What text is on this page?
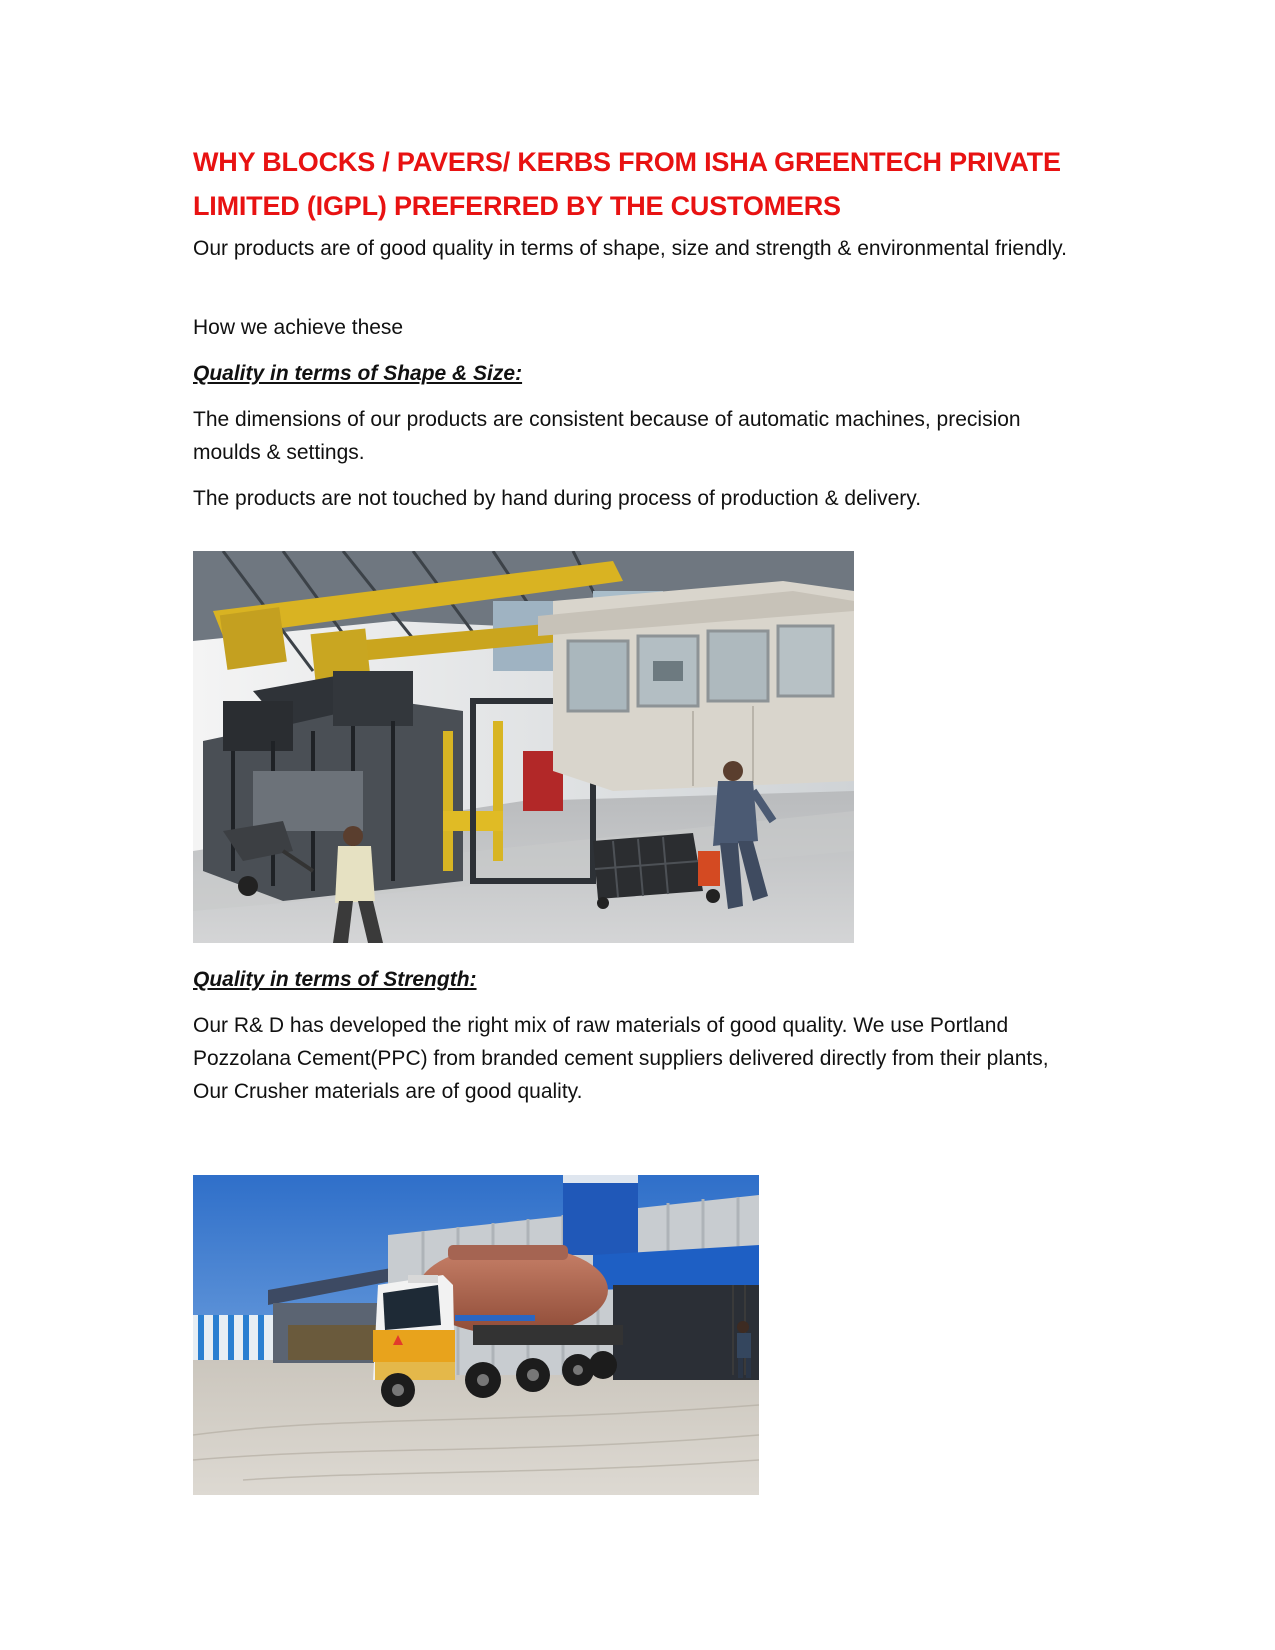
WHY BLOCKS / PAVERS/ KERBS FROM ISHA GREENTECH PRIVATE LIMITED (IGPL) PREFERRED BY THE CUSTOMERS

Our products are of good quality in terms of shape, size and strength & environmental friendly.

How we achieve these

Quality in terms of Shape & Size:

The dimensions of our products are consistent because of automatic machines, precision moulds & settings.

The products are not touched by hand during process of production & delivery.

Quality in terms of Strength:

Our R& D has developed the right mix of raw materials of good quality. We use Portland Pozzolana Cement(PPC) from branded cement suppliers delivered directly from their plants, Our Crusher materials are of good quality.
